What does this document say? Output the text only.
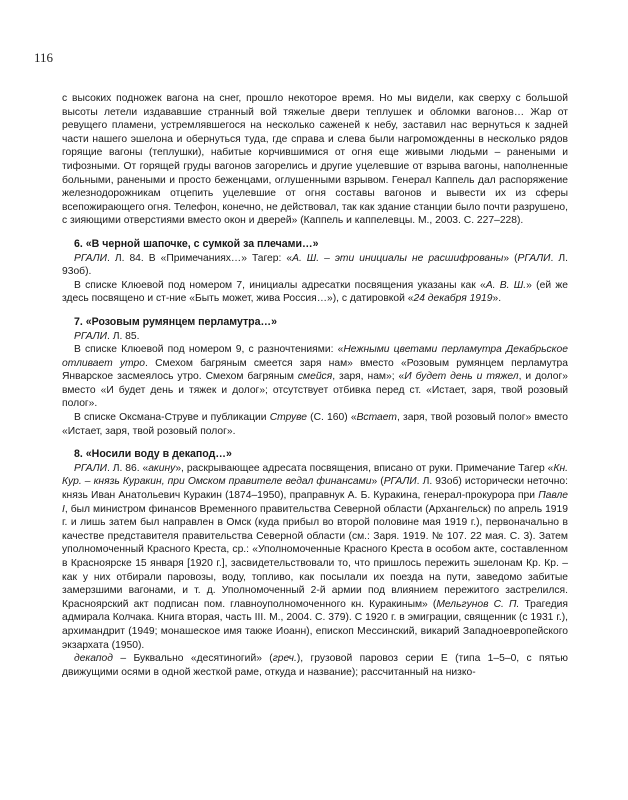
116

с высоких подножек вагона на снег, прошло некоторое время. Но мы видели, как сверху с большой высоты летели издававшие странный вой тяжелые двери теплушек и обломки вагонов… Жар от ревущего пламени, устремлявшегося на несколько саженей к небу, заставил нас вернуться к задней части нашего эшелона и обернуться туда, где справа и слева были нагроможденны в несколько рядов горящие вагоны (теплушки), набитые корчившимися от огня еще живыми людьми – ранеными и тифозными. От горящей груды вагонов загорелись и другие уцелевшие от взрыва вагоны, наполненные больными, ранеными и просто беженцами, оглушенными взрывом. Генерал Каппель дал распоряжение железнодорожникам отцепить уцелевшие от огня составы вагонов и вывести их из сферы всепожирающего огня. Телефон, конечно, не действовал, так как здание станции было почти разрушено, с зияющими отверстиями вместо окон и дверей» (Каппель и каппелевцы. М., 2003. С. 227–228).

6. «В черной шапочке, с сумкой за плечами…»

РГАЛИ. Л. 84. В «Примечаниях…» Тагер: «А. Ш. – эти инициалы не расшифрованы» (РГАЛИ. Л. 93об).

В списке Клюевой под номером 7, инициалы адресатки посвящения указаны как «А. В. Ш.» (ей же здесь посвящено и ст-ние «Быть может, жива Россия…»), с датировкой «24 декабря 1919».

7. «Розовым румянцем перламутра…»

РГАЛИ. Л. 85.

В списке Клюевой под номером 9, с разночтениями: «Нежными цветами перламутра Декабрьское отливает утро. Смехом багряным смеется заря нам» вместо «Розовым румянцем перламутра Январское засмеялось утро. Смехом багряным смейся, заря, нам»; «И будет день и тяжел, и долог» вместо «И будет день и тяжек и долог»; отсутствует отбивка перед ст. «Истает, заря, твой розовый полог».

В списке Оксмана-Струве и публикации Струве (С. 160) «Встает, заря, твой розовый полог» вместо «Истает, заря, твой розовый полог».

8. «Носили воду в декапод…»

РГАЛИ. Л. 86. «акину», раскрывающее адресата посвящения, вписано от руки. Примечание Тагер «Кн. Кур. – князь Куракин, при Омском правителе ведал финансами» (РГАЛИ. Л. 93об) исторически неточно: князь Иван Анатольевич Куракин (1874–1950), праправнук А. Б. Куракина, генерал-прокурора при Павле I, был министром финансов Временного правительства Северной области (Архангельск) по апрель 1919 г. и лишь затем был направлен в Омск (куда прибыл во второй половине мая 1919 г.), первоначально в качестве представителя правительства Северной области (см.: Заря. 1919. № 107. 22 мая. С. 3). Затем уполномоченный Красного Креста, ср.: «Уполномоченные Красного Креста в особом акте, составленном в Красноярске 15 января [1920 г.], засвидетельствовали то, что пришлось пережить эшелонам Кр. Кр. – как у них отбирали паровозы, воду, топливо, как посылали их поезда на пути, заведомо забитые замерзшими вагонами, и т. д. Уполномоченный 2-й армии под влиянием пережитого застрелился. Красноярский акт подписан пом. главноуполномоченного кн. Куракиным» (Мельгунов С. П. Трагедия адмирала Колчака. Книга вторая, часть III. М., 2004. С. 379). С 1920 г. в эмиграции, священник (с 1931 г.), архимандрит (1949; монашеское имя также Иоанн), епископ Мессинский, викарий Западноевропейского экзархата (1950).

декапод – Буквально «десятиногий» (греч.), грузовой паровоз серии Е (типа 1–5–0, с пятью движущими осями в одной жесткой раме, откуда и название); рассчитанный на низко-
